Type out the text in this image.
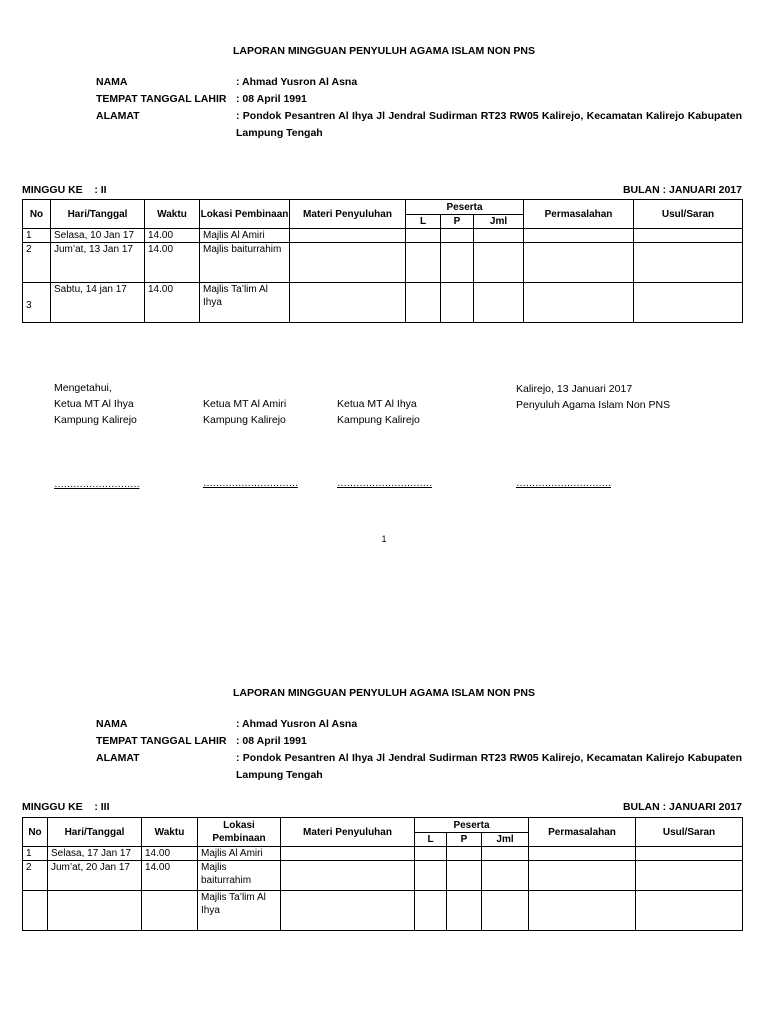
LAPORAN MINGGUAN PENYULUH AGAMA ISLAM NON PNS
NAMA	: Ahmad Yusron Al Asna
TEMPAT TANGGAL LAHIR : 08 April 1991
ALAMAT	: Pondok Pesantren Al Ihya Jl Jendral Sudirman RT23 RW05 Kalirejo, Kecamatan Kalirejo Kabupaten Lampung Tengah
MINGGU KE    : II	BULAN : JANUARI 2017
No	Hari/Tanggal	Waktu	Lokasi Pembinaan	Materi Penyuluhan	Peserta			Permasalahan	Usul/Saran
					L	P	Jml		
1	Selasa, 10 Jan 17	14.00	Majlis Al Amiri						
2	Jum’at, 13 Jan 17	14.00	Majlis baiturrahim						
3	Sabtu, 14 jan 17	14.00	Majlis Ta’lim Al Ihya						
Mengetahui,
Ketua MT Al Ihya
Kampung Kalirejo
Ketua MT Al Amiri
Kampung Kalirejo
Ketua MT Al Ihya
Kampung Kalirejo
Kalirejo, 13 Januari 2017
Penyuluh Agama Islam Non PNS
………………………	…………………………	…………………………	…………………………
1
LAPORAN MINGGUAN PENYULUH AGAMA ISLAM NON PNS
NAMA	: Ahmad Yusron Al Asna
TEMPAT TANGGAL LAHIR : 08 April 1991
ALAMAT	: Pondok Pesantren Al Ihya Jl Jendral Sudirman RT23 RW05 Kalirejo, Kecamatan Kalirejo Kabupaten Lampung Tengah
MINGGU KE    : III	BULAN : JANUARI 2017
No	Hari/Tanggal	Waktu	Lokasi Pembinaan	Materi Penyuluhan	Peserta			Permasalahan	Usul/Saran
					L	P	Jml		
1	Selasa, 17 Jan 17	14.00	Majlis Al Amiri						
2	Jum’at, 20 Jan 17	14.00	Majlis baiturrahim						
			Majlis Ta’lim Al Ihya						
